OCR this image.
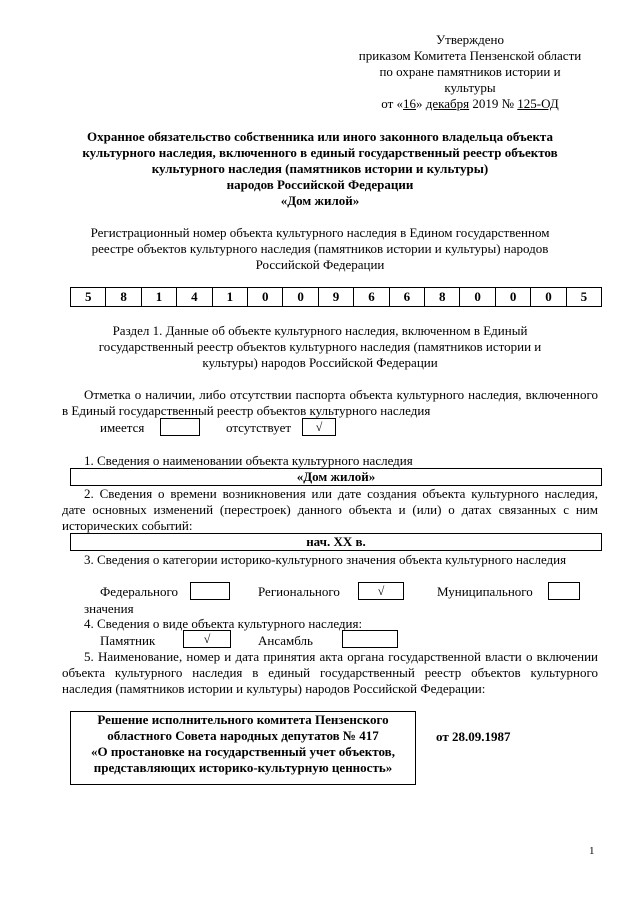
Утверждено
приказом Комитета Пензенской области
по охране памятников истории и
культуры
от «16» декабря 2019 № 125-ОД
Охранное обязательство собственника или иного законного владельца объекта
культурного наследия, включенного в единый государственный реестр объектов
культурного наследия (памятников истории и культуры)
народов Российской Федерации
«Дом жилой»
Регистрационный номер объекта культурного наследия в Едином государственном
реестре объектов культурного наследия (памятников истории и культуры) народов
Российской Федерации
5	8	1	4	1	0	0	9	6	6	8	0	0	0	5
Раздел 1. Данные об объекте культурного наследия, включенном в Единый
государственный реестр объектов культурного наследия (памятников истории и
культуры) народов Российской Федерации
Отметка о наличии, либо отсутствии паспорта объекта культурного наследия, включенного в Единый государственный реестр объектов культурного наследия
имеется	отсутствует	√
1. Сведения о наименовании объекта культурного наследия
«Дом жилой»
2. Сведения о времени возникновения или дате создания объекта культурного наследия, дате основных изменений (перестроек) данного объекта и (или) о датах связанных с ним исторических событий:
нач. XX в.
3. Сведения о категории историко-культурного значения объекта культурного наследия
Федерального	Регионального	√	Муниципального
значения
4. Сведения о виде объекта культурного наследия:
Памятник	√	Ансамбль
5. Наименование, номер и дата принятия акта органа государственной власти о включении объекта культурного наследия в единый государственный реестр объектов культурного наследия (памятников истории и культуры) народов Российской Федерации:
Решение исполнительного комитета Пензенского
областного Совета народных депутатов № 417
«О простановке на государственный учет объектов,
представляющих историко-культурную ценность»
от 28.09.1987
1
